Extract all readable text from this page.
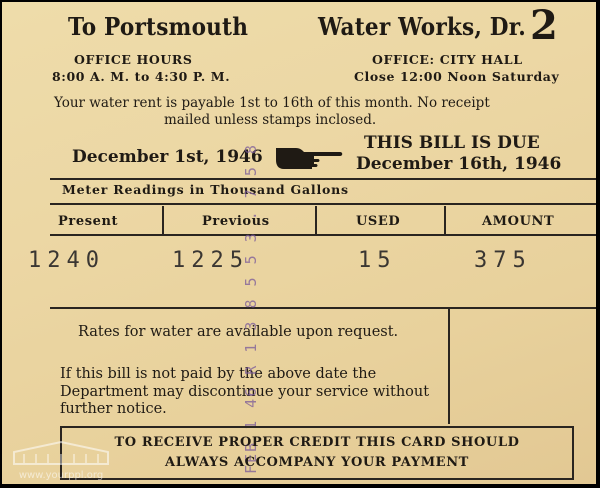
To Portsmouth	Water Works, Dr. 2
OFFICE HOURS
8:00 A. M. to 4:30 P. M.
OFFICE: CITY HALL
Close 12:00 Noon Saturday
Your water rent is payable 1st to 16th of this month. No receipt
mailed unless stamps inclosed.
December 1st, 1946
THIS BILL IS DUE
December 16th, 1946
Meter Readings in Thousand Gallons
Present	Previous	USED	AMOUNT
1240	1225	15	375
Rates for water are available upon request.
If this bill is not paid by the above date the Department may discontinue your service without further notice.	FEB 1 46 R 1 3 8 5 5 3 . 7 5 8
TO RECEIVE PROPER CREDIT THIS CARD SHOULD
ALWAYS ACCOMPANY YOUR PAYMENT
www.yourppl.org
